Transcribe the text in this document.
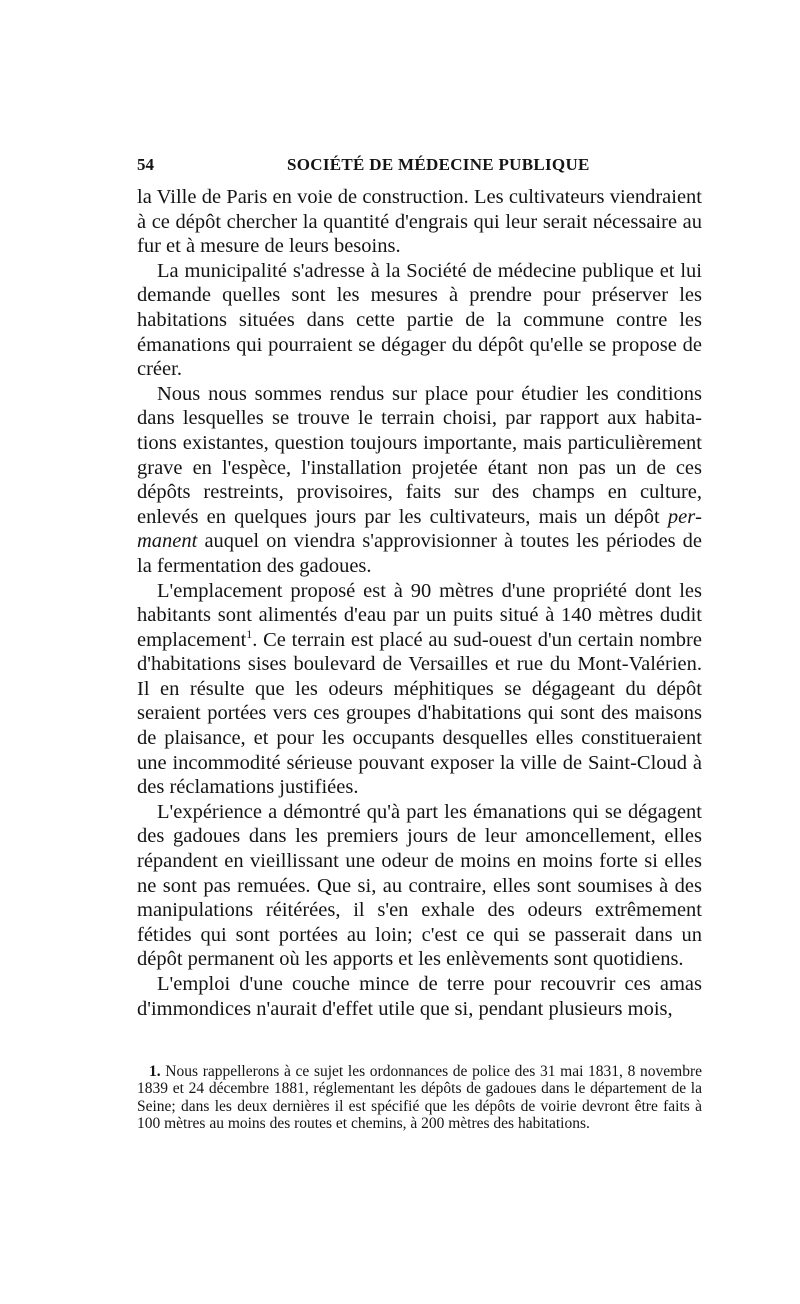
54	SOCIÉTÉ DE MÉDECINE PUBLIQUE

la Ville de Paris en voie de construction. Les cultivateurs viendraient à ce dépôt chercher la quantité d'engrais qui leur serait nécessaire au fur et à mesure de leurs besoins.

La municipalité s'adresse à la Société de médecine publique et lui demande quelles sont les mesures à prendre pour préserver les habitations situées dans cette partie de la commune contre les émanations qui pourraient se dégager du dépôt qu'elle se propose de créer.

Nous nous sommes rendus sur place pour étudier les conditions dans lesquelles se trouve le terrain choisi, par rapport aux habitations existantes, question toujours importante, mais particulièrement grave en l'espèce, l'installation projetée étant non pas un de ces dépôts restreints, provisoires, faits sur des champs en culture, enlevés en quelques jours par les cultivateurs, mais un dépôt permanent auquel on viendra s'approvisionner à toutes les périodes de la fermentation des gadoues.

L'emplacement proposé est à 90 mètres d'une propriété dont les habitants sont alimentés d'eau par un puits situé à 140 mètres dudit emplacement$^1$. Ce terrain est placé au sud-ouest d'un certain nombre d'habitations sises boulevard de Versailles et rue du Mont-Valérien. Il en résulte que les odeurs méphitiques se dégageant du dépôt seraient portées vers ces groupes d'habitations qui sont des maisons de plaisance, et pour les occupants desquelles elles constitueraient une incommodité sérieuse pouvant exposer la ville de Saint-Cloud à des réclamations justifiées.

L'expérience a démontré qu'à part les émanations qui se dégagent des gadoues dans les premiers jours de leur amoncellement, elles répandent en vieillissant une odeur de moins en moins forte si elles ne sont pas remuées. Que si, au contraire, elles sont soumises à des manipulations réitérées, il s'en exhale des odeurs extrêmement fétides qui sont portées au loin; c'est ce qui se passerait dans un dépôt permanent où les apports et les enlèvements sont quotidiens.

L'emploi d'une couche mince de terre pour recouvrir ces amas d'immondices n'aurait d'effet utile que si, pendant plusieurs mois,

1. Nous rappellerons à ce sujet les ordonnances de police des 31 mai 1831, 8 novembre 1839 et 24 décembre 1881, réglementant les dépôts de gadoues dans le département de la Seine; dans les deux dernières il est spécifié que les dépôts de voirie devront être faits à 100 mètres au moins des routes et chemins, à 200 mètres des habitations.
